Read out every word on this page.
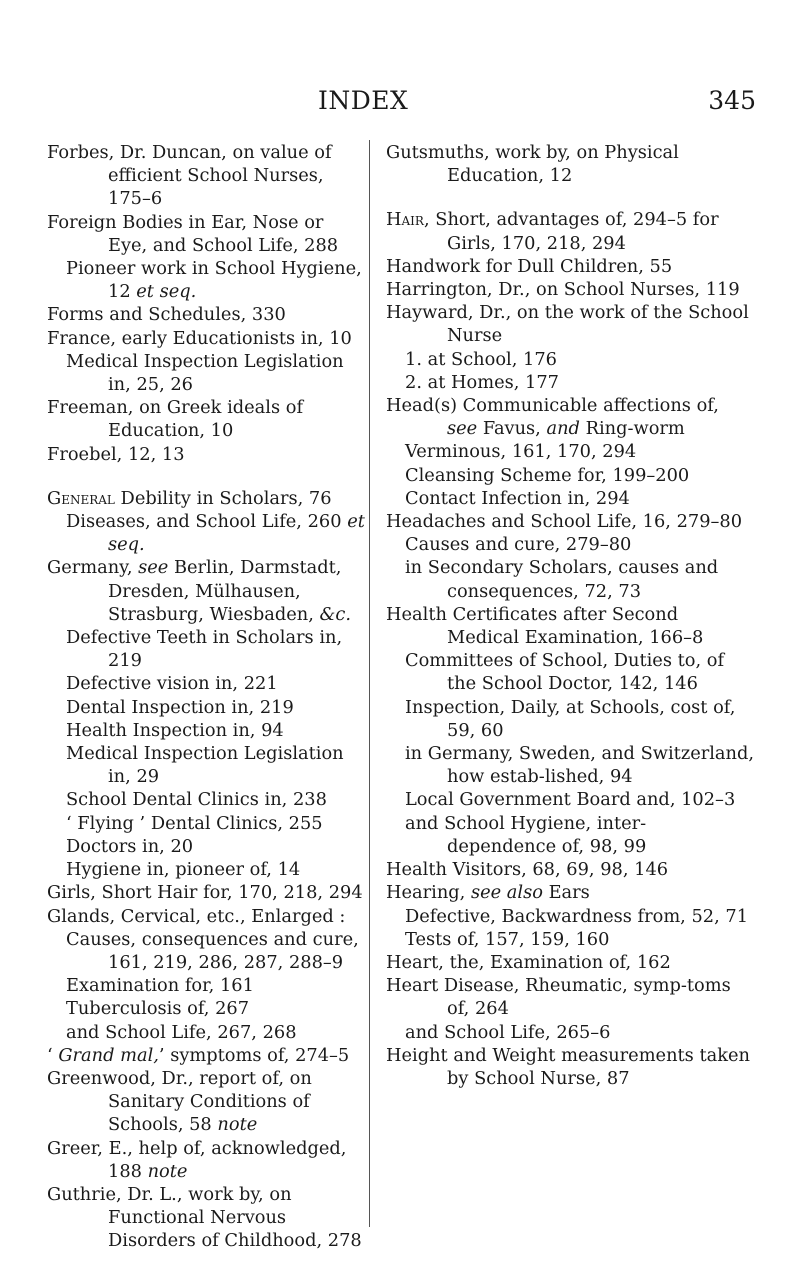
INDEX	345
Forbes, Dr. Duncan, on value of efficient School Nurses, 175–6
Foreign Bodies in Ear, Nose or Eye, and School Life, 288
Pioneer work in School Hygiene, 12 et seq.
Forms and Schedules, 330
France, early Educationists in, 10
Medical Inspection Legislation in, 25, 26
Freeman, on Greek ideals of Education, 10
Froebel, 12, 13
General Debility in Scholars, 76
Diseases, and School Life, 260 et seq.
Germany, see Berlin, Darmstadt, Dresden, Mülhausen, Strasburg, Wiesbaden, &c.
Defective Teeth in Scholars in, 219
Defective vision in, 221
Dental Inspection in, 219
Health Inspection in, 94
Medical Inspection Legislation in, 29
School Dental Clinics in, 238
‘ Flying ’ Dental Clinics, 255
Doctors in, 20
Hygiene in, pioneer of, 14
Girls, Short Hair for, 170, 218, 294
Glands, Cervical, etc., Enlarged :
Causes, consequences and cure, 161, 219, 286, 287, 288–9
Examination for, 161
Tuberculosis of, 267
and School Life, 267, 268
‘ Grand mal,’ symptoms of, 274–5
Greenwood, Dr., report of, on Sanitary Conditions of Schools, 58 note
Greer, E., help of, acknowledged, 188 note
Guthrie, Dr. L., work by, on Functional Nervous Disorders of Childhood, 278
Gutsmuths, work by, on Physical Education, 12
Hair, Short, advantages of, 294–5 for Girls, 170, 218, 294
Handwork for Dull Children, 55
Harrington, Dr., on School Nurses, 119
Hayward, Dr., on the work of the School Nurse
1. at School, 176
2. at Homes, 177
Head(s) Communicable affections of, see Favus, and Ring-worm
Verminous, 161, 170, 294
Cleansing Scheme for, 199–200
Contact Infection in, 294
Headaches and School Life, 16, 279–80
Causes and cure, 279–80
in Secondary Scholars, causes and consequences, 72, 73
Health Certificates after Second Medical Examination, 166–8
Committees of School, Duties to, of the School Doctor, 142, 146
Inspection, Daily, at Schools, cost of, 59, 60
in Germany, Sweden, and Switzerland, how estab-lished, 94
Local Government Board and, 102–3
and School Hygiene, inter-dependence of, 98, 99
Health Visitors, 68, 69, 98, 146
Hearing, see also Ears
Defective, Backwardness from, 52, 71
Tests of, 157, 159, 160
Heart, the, Examination of, 162
Heart Disease, Rheumatic, symp-toms of, 264
and School Life, 265–6
Height and Weight measurements taken by School Nurse, 87
